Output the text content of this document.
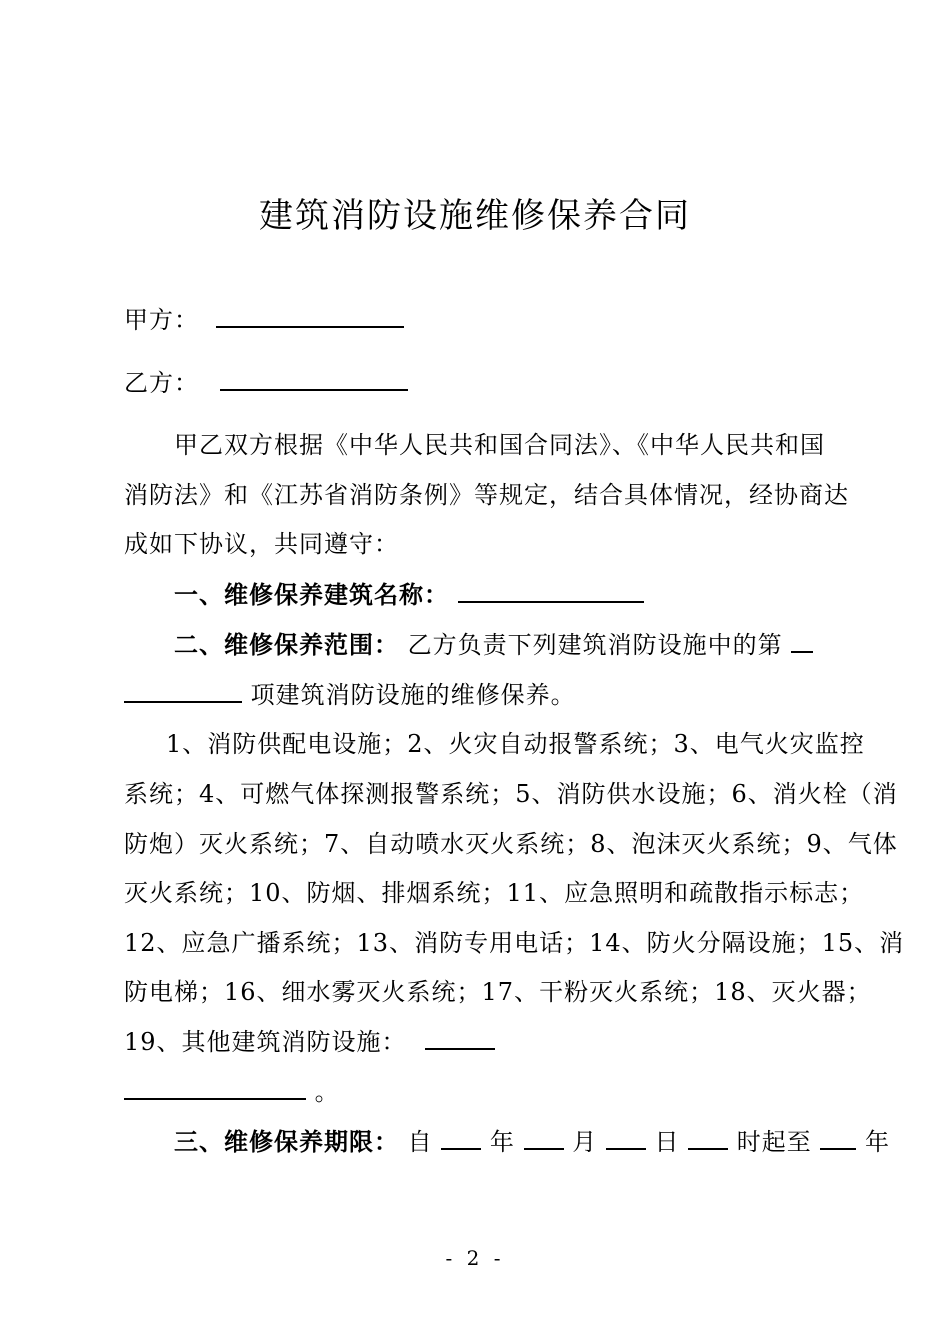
建筑消防设施维修保养合同
甲方：
乙方：
甲乙双方根据《中华人民共和国合同法》、《中华人民共和国
消防法》和《江苏省消防条例》等规定，结合具体情况，经协商达
成如下协议，共同遵守：
一、维修保养建筑名称：
二、维修保养范围： 乙方负责下列建筑消防设施中的第
项建筑消防设施的维修保养。
1、消防供配电设施；2、火灾自动报警系统；3、电气火灾监控
系统；4、可燃气体探测报警系统；5、消防供水设施；6、消火栓（消
防炮）灭火系统；7、自动喷水灭火系统；8、泡沫灭火系统；9、气体
灭火系统；10、防烟、排烟系统；11、应急照明和疏散指示标志；
12、应急广播系统；13、消防专用电话；14、防火分隔设施；15、消
防电梯；16、细水雾灭火系统；17、干粉灭火系统；18、灭火器；
19、其他建筑消防设施：
。
三、维修保养期限： 自 年 月 日 时起至 年
- 2 -
